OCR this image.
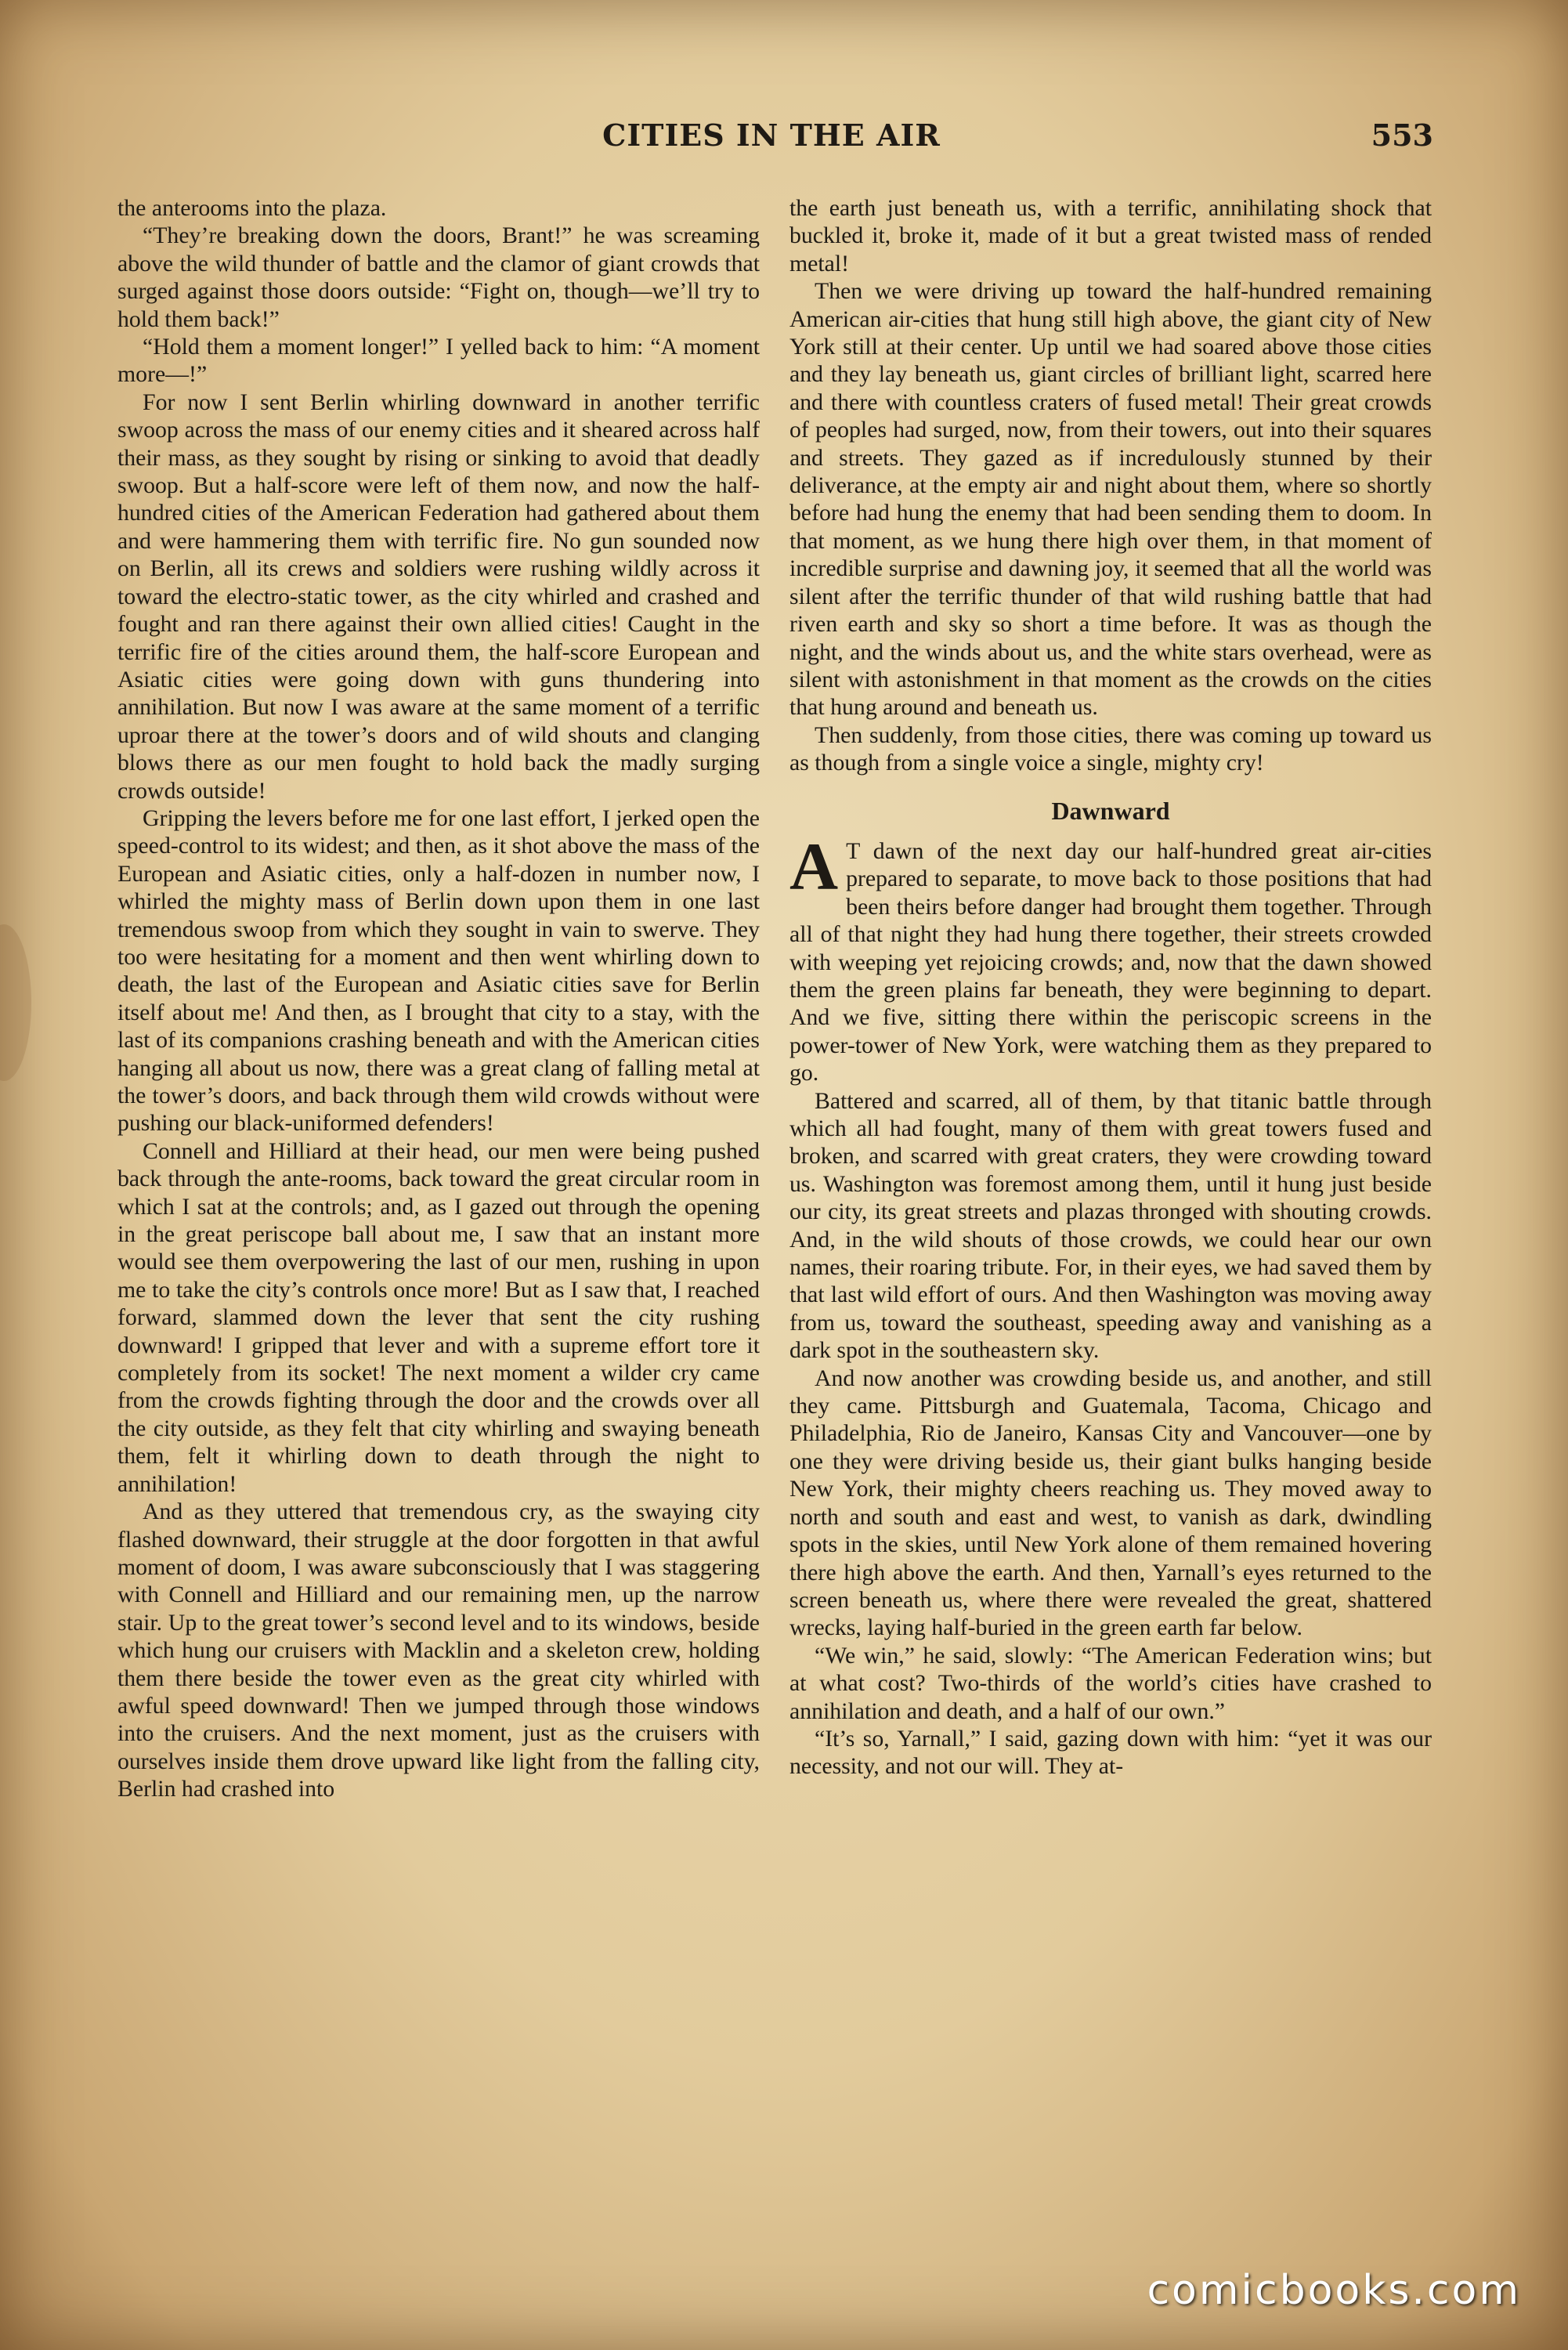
CITIES IN THE AIR	553

the anterooms into the plaza.

“They’re breaking down the doors, Brant!” he was screaming above the wild thunder of battle and the clamor of giant crowds that surged against those doors outside: “Fight on, though—we’ll try to hold them back!”

“Hold them a moment longer!” I yelled back to him: “A moment more—!”

For now I sent Berlin whirling downward in another terrific swoop across the mass of our enemy cities and it sheared across half their mass, as they sought by rising or sinking to avoid that deadly swoop. But a half-score were left of them now, and now the half-hundred cities of the American Federation had gathered about them and were hammering them with terrific fire. No gun sounded now on Berlin, all its crews and soldiers were rushing wildly across it toward the electro-static tower, as the city whirled and crashed and fought and ran there against their own allied cities! Caught in the terrific fire of the cities around them, the half-score European and Asiatic cities were going down with guns thundering into annihilation. But now I was aware at the same moment of a terrific uproar there at the tower’s doors and of wild shouts and clanging blows there as our men fought to hold back the madly surging crowds outside!

Gripping the levers before me for one last effort, I jerked open the speed-control to its widest; and then, as it shot above the mass of the European and Asiatic cities, only a half-dozen in number now, I whirled the mighty mass of Berlin down upon them in one last tremendous swoop from which they sought in vain to swerve. They too were hesitating for a moment and then went whirling down to death, the last of the European and Asiatic cities save for Berlin itself about me! And then, as I brought that city to a stay, with the last of its companions crashing beneath and with the American cities hanging all about us now, there was a great clang of falling metal at the tower’s doors, and back through them wild crowds without were pushing our black-uniformed defenders!

Connell and Hilliard at their head, our men were being pushed back through the ante-rooms, back toward the great circular room in which I sat at the controls; and, as I gazed out through the opening in the great periscope ball about me, I saw that an instant more would see them overpowering the last of our men, rushing in upon me to take the city’s controls once more! But as I saw that, I reached forward, slammed down the lever that sent the city rushing downward! I gripped that lever and with a supreme effort tore it completely from its socket! The next moment a wilder cry came from the crowds fighting through the door and the crowds over all the city outside, as they felt that city whirling and swaying beneath them, felt it whirling down to death through the night to annihilation!

And as they uttered that tremendous cry, as the swaying city flashed downward, their struggle at the door forgotten in that awful moment of doom, I was aware subconsciously that I was staggering with Connell and Hilliard and our remaining men, up the narrow stair. Up to the great tower’s second level and to its windows, beside which hung our cruisers with Macklin and a skeleton crew, holding them there beside the tower even as the great city whirled with awful speed downward! Then we jumped through those windows into the cruisers. And the next moment, just as the cruisers with ourselves inside them drove upward like light from the falling city, Berlin had crashed into

the earth just beneath us, with a terrific, annihilating shock that buckled it, broke it, made of it but a great twisted mass of rended metal!

Then we were driving up toward the half-hundred remaining American air-cities that hung still high above, the giant city of New York still at their center. Up until we had soared above those cities and they lay beneath us, giant circles of brilliant light, scarred here and there with countless craters of fused metal! Their great crowds of peoples had surged, now, from their towers, out into their squares and streets. They gazed as if incredulously stunned by their deliverance, at the empty air and night about them, where so shortly before had hung the enemy that had been sending them to doom. In that moment, as we hung there high over them, in that moment of incredible surprise and dawning joy, it seemed that all the world was silent after the terrific thunder of that wild rushing battle that had riven earth and sky so short a time before. It was as though the night, and the winds about us, and the white stars overhead, were as silent with astonishment in that moment as the crowds on the cities that hung around and beneath us.

Then suddenly, from those cities, there was coming up toward us as though from a single voice a single, mighty cry!

Dawnward

A T dawn of the next day our half-hundred great air-cities prepared to separate, to move back to those positions that had been theirs before danger had brought them together. Through all of that night they had hung there together, their streets crowded with weeping yet rejoicing crowds; and, now that the dawn showed them the green plains far beneath, they were beginning to depart. And we five, sitting there within the periscopic screens in the power-tower of New York, were watching them as they prepared to go.

Battered and scarred, all of them, by that titanic battle through which all had fought, many of them with great towers fused and broken, and scarred with great craters, they were crowding toward us. Washington was foremost among them, until it hung just beside our city, its great streets and plazas thronged with shouting crowds. And, in the wild shouts of those crowds, we could hear our own names, their roaring tribute. For, in their eyes, we had saved them by that last wild effort of ours. And then Washington was moving away from us, toward the southeast, speeding away and vanishing as a dark spot in the southeastern sky.

And now another was crowding beside us, and another, and still they came. Pittsburgh and Guatemala, Tacoma, Chicago and Philadelphia, Rio de Janeiro, Kansas City and Vancouver—one by one they were driving beside us, their giant bulks hanging beside New York, their mighty cheers reaching us. They moved away to north and south and east and west, to vanish as dark, dwindling spots in the skies, until New York alone of them remained hovering there high above the earth. And then, Yarnall’s eyes returned to the screen beneath us, where there were revealed the great, shattered wrecks, laying half-buried in the green earth far below.

“We win,” he said, slowly: “The American Federation wins; but at what cost? Two-thirds of the world’s cities have crashed to annihilation and death, and a half of our own.”

“It’s so, Yarnall,” I said, gazing down with him: “yet it was our necessity, and not our will. They at-

comicbooks.com
